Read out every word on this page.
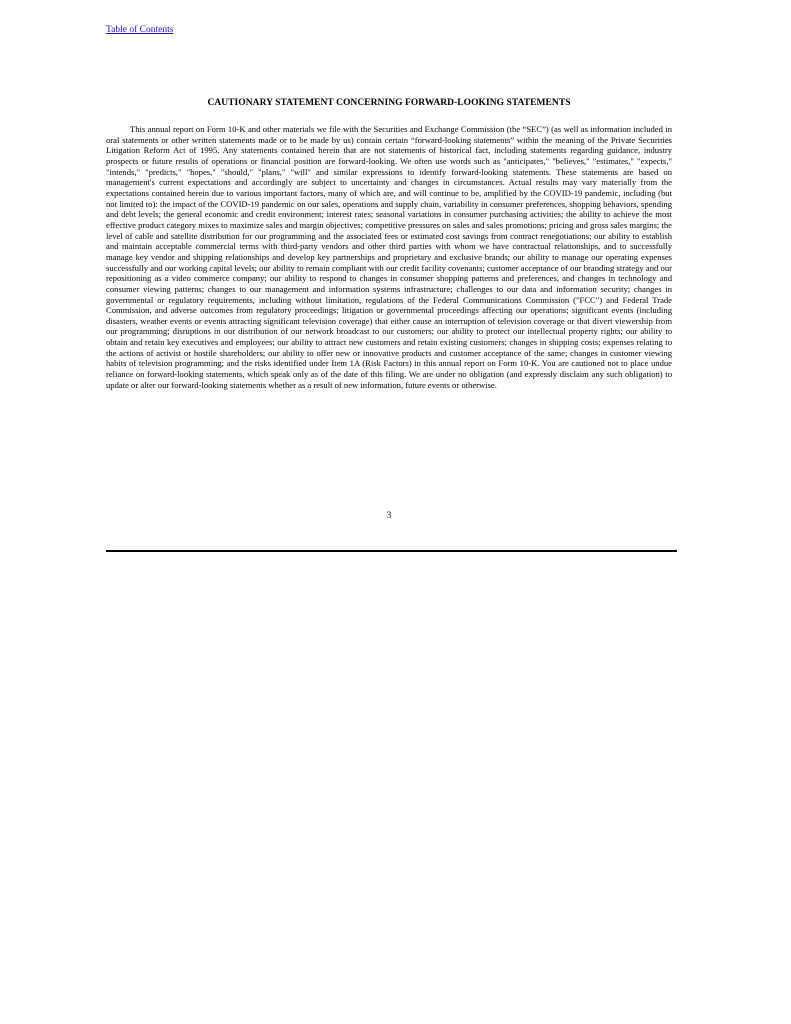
Table of Contents
CAUTIONARY STATEMENT CONCERNING FORWARD-LOOKING STATEMENTS

This annual report on Form 10-K and other materials we file with the Securities and Exchange Commission (the “SEC”) (as well as information included in oral statements or other written statements made or to be made by us) contain certain “forward-looking statements” within the meaning of the Private Securities Litigation Reform Act of 1995. Any statements contained herein that are not statements of historical fact, including statements regarding guidance, industry prospects or future results of operations or financial position are forward-looking. We often use words such as "anticipates," "believes," "estimates," "expects," "intends," "predicts," "hopes," "should," "plans," "will" and similar expressions to identify forward-looking statements. These statements are based on management's current expectations and accordingly are subject to uncertainty and changes in circumstances. Actual results may vary materially from the expectations contained herein due to various important factors, many of which are, and will continue to be, amplified by the COVID-19 pandemic, including (but not limited to): the impact of the COVID-19 pandemic on our sales, operations and supply chain, variability in consumer preferences, shopping behaviors, spending and debt levels; the general economic and credit environment; interest rates; seasonal variations in consumer purchasing activities; the ability to achieve the most effective product category mixes to maximize sales and margin objectives; competitive pressures on sales and sales promotions; pricing and gross sales margins; the level of cable and satellite distribution for our programming and the associated fees or estimated cost savings from contract renegotiations; our ability to establish and maintain acceptable commercial terms with third-party vendors and other third parties with whom we have contractual relationships, and to successfully manage key vendor and shipping relationships and develop key partnerships and proprietary and exclusive brands; our ability to manage our operating expenses successfully and our working capital levels; our ability to remain compliant with our credit facility covenants; customer acceptance of our branding strategy and our repositioning as a video commerce company; our ability to respond to changes in consumer shopping patterns and preferences, and changes in technology and consumer viewing patterns; changes to our management and information systems infrastructure; challenges to our data and information security; changes in governmental or regulatory requirements, including without limitation, regulations of the Federal Communications Commission ("FCC") and Federal Trade Commission, and adverse outcomes from regulatory proceedings; litigation or governmental proceedings affecting our operations; significant events (including disasters, weather events or events attracting significant television coverage) that either cause an interruption of television coverage or that divert viewership from our programming; disruptions in our distribution of our network broadcast to our customers; our ability to protect our intellectual property rights; our ability to obtain and retain key executives and employees; our ability to attract new customers and retain existing customers; changes in shipping costs; expenses relating to the actions of activist or hostile shareholders; our ability to offer new or innovative products and customer acceptance of the same; changes in customer viewing habits of television programming; and the risks identified under Item 1A (Risk Factors) in this annual report on Form 10-K. You are cautioned not to place undue reliance on forward-looking statements, which speak only as of the date of this filing. We are under no obligation (and expressly disclaim any such obligation) to update or alter our forward-looking statements whether as a result of new information, future events or otherwise.

3
